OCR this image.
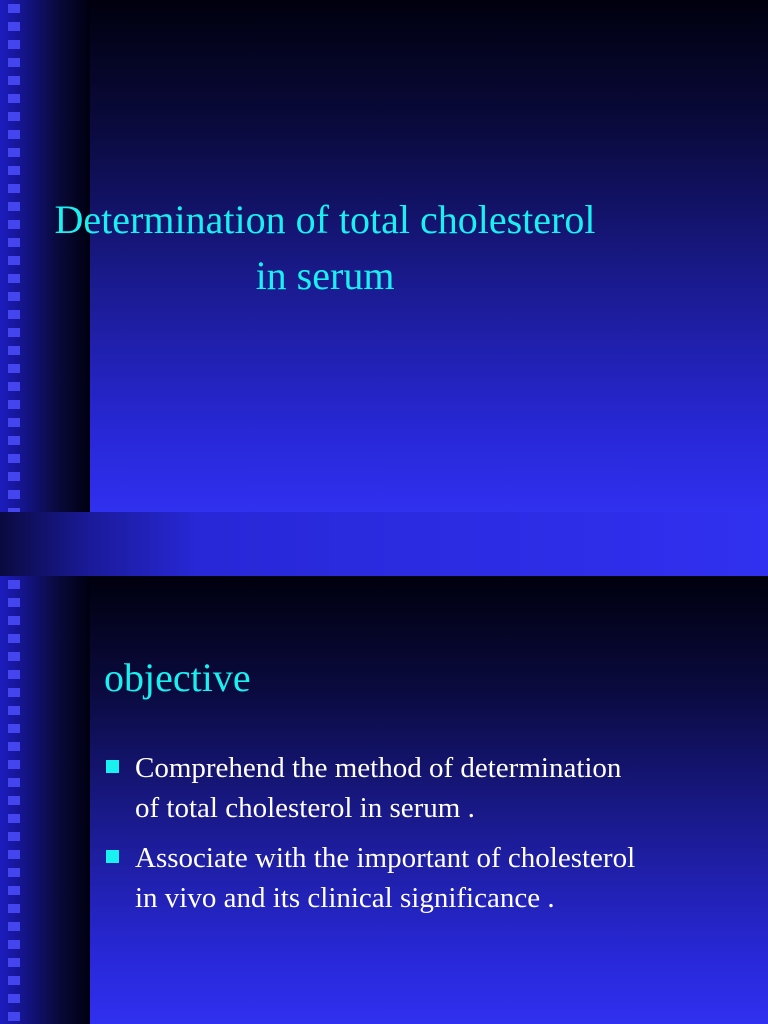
Determination of total cholesterol
in serum
objective
Comprehend the method of determination
of total cholesterol in serum .
Associate with the important of cholesterol
in vivo and its clinical significance .
